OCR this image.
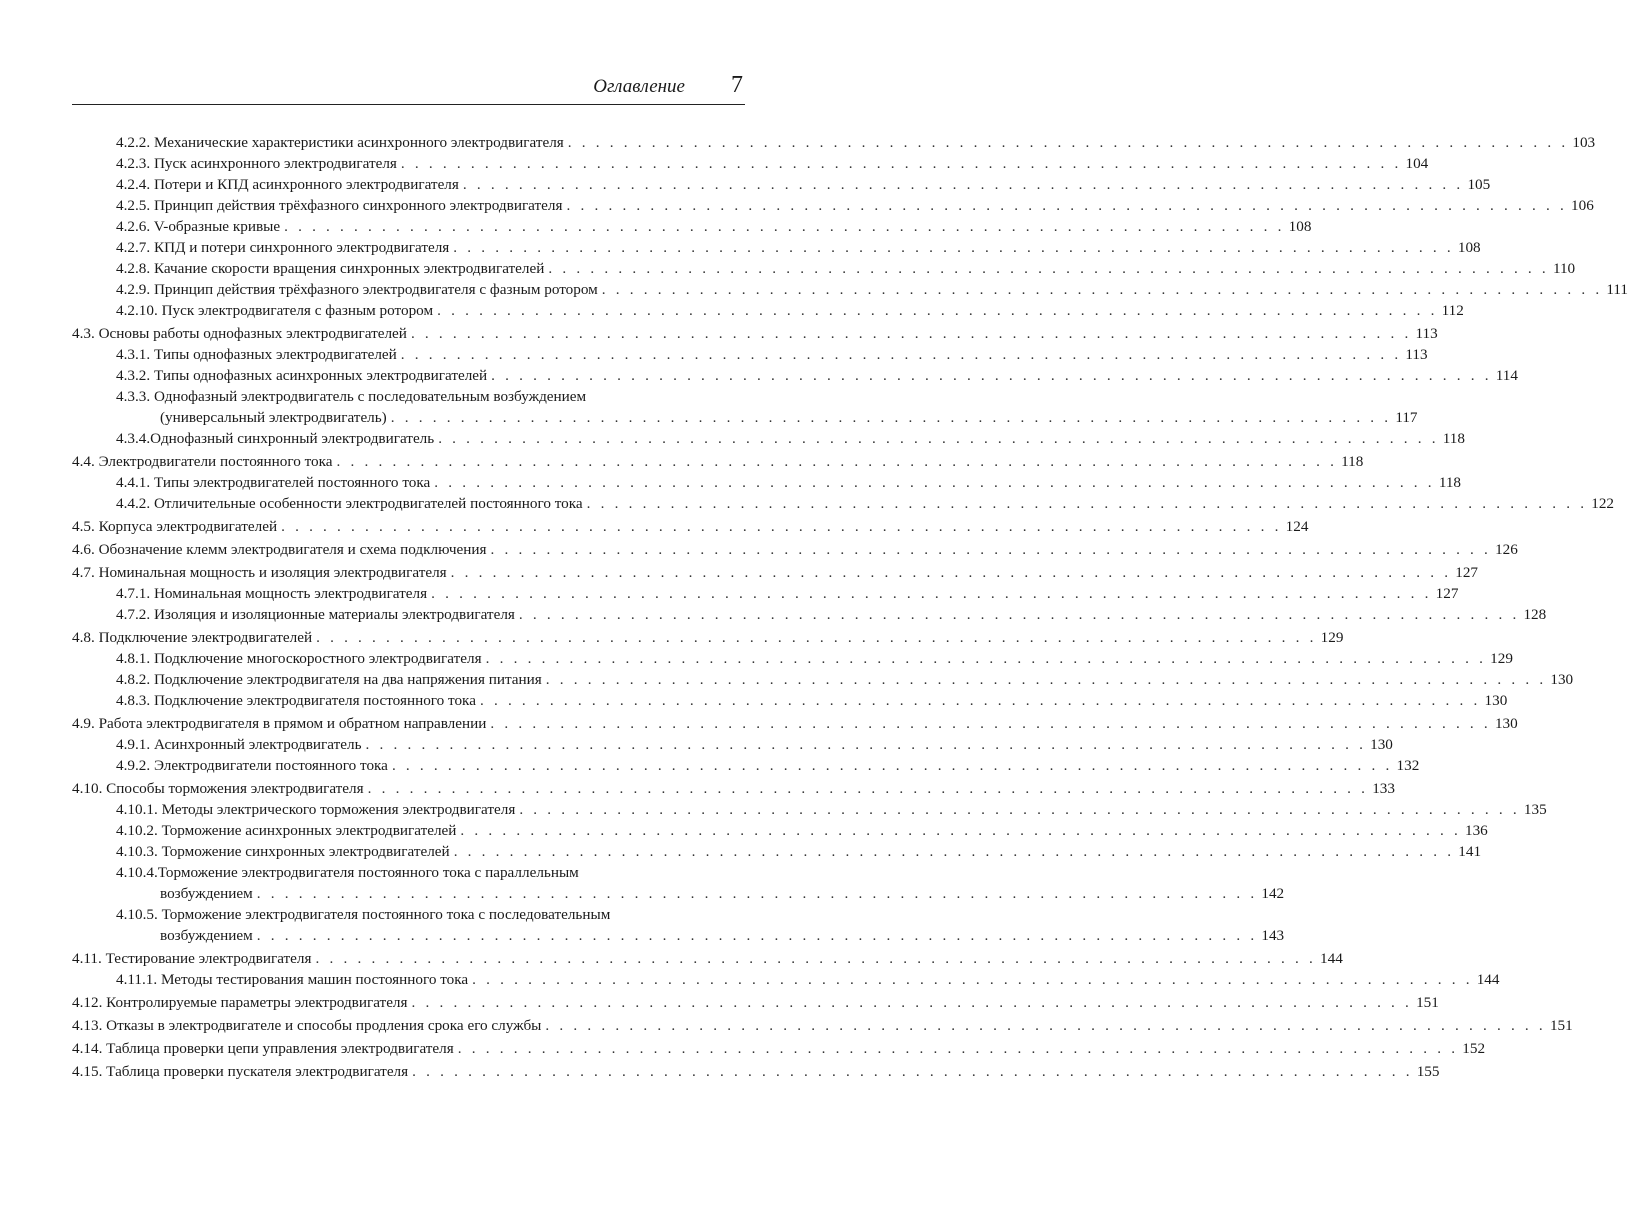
Оглавление 7
4.2.2. Механические характеристики асинхронного электродвигателя . . . . . . . . . . . . . . . . . . . . . . . . . . . . . . . . . . . . . . . . . . . . . . . . . . . . . . . . . . . . . . . . . . . . . . . . 103
4.2.3. Пуск асинхронного электродвигателя . . . . . . . . . . . . . . . . . . . . . . . . . . . . . . . . . . . . . . . . . . . . . . . . . . . . . . . . . . . . . . . . . . . . . . . . 104
4.2.4. Потери и КПД асинхронного электродвигателя . . . . . . . . . . . . . . . . . . . . . . . . . . . . . . . . . . . . . . . . . . . . . . . . . . . . . . . . . . . . . . . . . . . . . . . . 105
4.2.5. Принцип действия трёхфазного синхронного электродвигателя . . . . . . . . . . . . . . . . . . . . . . . . . . . . . . . . . . . . . . . . . . . . . . . . . . . . . . . . . . . . . . . . . . . . . . . . 106
4.2.6. V-образные кривые . . . . . . . . . . . . . . . . . . . . . . . . . . . . . . . . . . . . . . . . . . . . . . . . . . . . . . . . . . . . . . . . . . . . . . . . 108
4.2.7. КПД и потери синхронного электродвигателя . . . . . . . . . . . . . . . . . . . . . . . . . . . . . . . . . . . . . . . . . . . . . . . . . . . . . . . . . . . . . . . . . . . . . . . . 108
4.2.8. Качание скорости вращения синхронных электродвигателей . . . . . . . . . . . . . . . . . . . . . . . . . . . . . . . . . . . . . . . . . . . . . . . . . . . . . . . . . . . . . . . . . . . . . . . . 110
4.2.9. Принцип действия трёхфазного электродвигателя с фазным ротором . . . . . . . . . . . . . . . . . . . . . . . . . . . . . . . . . . . . . . . . . . . . . . . . . . . . . . . . . . . . . . . . . . . . . . . . 111
4.2.10. Пуск электродвигателя с фазным ротором . . . . . . . . . . . . . . . . . . . . . . . . . . . . . . . . . . . . . . . . . . . . . . . . . . . . . . . . . . . . . . . . . . . . . . . . 112
4.3. Основы работы однофазных электродвигателей . . . . . . . . . . . . . . . . . . . . . . . . . . . . . . . . . . . . . . . . . . . . . . . . . . . . . . . . . . . . . . . . . . . . . . . . 113
4.3.1. Типы однофазных электродвигателей . . . . . . . . . . . . . . . . . . . . . . . . . . . . . . . . . . . . . . . . . . . . . . . . . . . . . . . . . . . . . . . . . . . . . . . . 113
4.3.2. Типы однофазных асинхронных электродвигателей . . . . . . . . . . . . . . . . . . . . . . . . . . . . . . . . . . . . . . . . . . . . . . . . . . . . . . . . . . . . . . . . . . . . . . . . 114
4.3.3. Однофазный электродвигатель с последовательным возбуждением
(универсальный электродвигатель) . . . . . . . . . . . . . . . . . . . . . . . . . . . . . . . . . . . . . . . . . . . . . . . . . . . . . . . . . . . . . . . . . . . . . . . . 117
4.3.4.Однофазный синхронный электродвигатель . . . . . . . . . . . . . . . . . . . . . . . . . . . . . . . . . . . . . . . . . . . . . . . . . . . . . . . . . . . . . . . . . . . . . . . . 118
4.4. Электродвигатели постоянного тока . . . . . . . . . . . . . . . . . . . . . . . . . . . . . . . . . . . . . . . . . . . . . . . . . . . . . . . . . . . . . . . . . . . . . . . . 118
4.4.1. Типы электродвигателей постоянного тока . . . . . . . . . . . . . . . . . . . . . . . . . . . . . . . . . . . . . . . . . . . . . . . . . . . . . . . . . . . . . . . . . . . . . . . . 118
4.4.2. Отличительные особенности электродвигателей постоянного тока . . . . . . . . . . . . . . . . . . . . . . . . . . . . . . . . . . . . . . . . . . . . . . . . . . . . . . . . . . . . . . . . . . . . . . . . 122
4.5. Корпуса электродвигателей . . . . . . . . . . . . . . . . . . . . . . . . . . . . . . . . . . . . . . . . . . . . . . . . . . . . . . . . . . . . . . . . . . . . . . . . 124
4.6. Обозначение клемм электродвигателя и схема подключения . . . . . . . . . . . . . . . . . . . . . . . . . . . . . . . . . . . . . . . . . . . . . . . . . . . . . . . . . . . . . . . . . . . . . . . . 126
4.7. Номинальная мощность и изоляция электродвигателя . . . . . . . . . . . . . . . . . . . . . . . . . . . . . . . . . . . . . . . . . . . . . . . . . . . . . . . . . . . . . . . . . . . . . . . . 127
4.7.1. Номинальная мощность электродвигателя . . . . . . . . . . . . . . . . . . . . . . . . . . . . . . . . . . . . . . . . . . . . . . . . . . . . . . . . . . . . . . . . . . . . . . . . 127
4.7.2. Изоляция и изоляционные материалы электродвигателя . . . . . . . . . . . . . . . . . . . . . . . . . . . . . . . . . . . . . . . . . . . . . . . . . . . . . . . . . . . . . . . . . . . . . . . . 128
4.8. Подключение электродвигателей . . . . . . . . . . . . . . . . . . . . . . . . . . . . . . . . . . . . . . . . . . . . . . . . . . . . . . . . . . . . . . . . . . . . . . . . 129
4.8.1. Подключение многоскоростного электродвигателя . . . . . . . . . . . . . . . . . . . . . . . . . . . . . . . . . . . . . . . . . . . . . . . . . . . . . . . . . . . . . . . . . . . . . . . . 129
4.8.2. Подключение электродвигателя на два напряжения питания . . . . . . . . . . . . . . . . . . . . . . . . . . . . . . . . . . . . . . . . . . . . . . . . . . . . . . . . . . . . . . . . . . . . . . . . 130
4.8.3. Подключение электродвигателя постоянного тока . . . . . . . . . . . . . . . . . . . . . . . . . . . . . . . . . . . . . . . . . . . . . . . . . . . . . . . . . . . . . . . . . . . . . . . . 130
4.9. Работа электродвигателя в прямом и обратном направлении . . . . . . . . . . . . . . . . . . . . . . . . . . . . . . . . . . . . . . . . . . . . . . . . . . . . . . . . . . . . . . . . . . . . . . . . 130
4.9.1. Асинхронный электродвигатель . . . . . . . . . . . . . . . . . . . . . . . . . . . . . . . . . . . . . . . . . . . . . . . . . . . . . . . . . . . . . . . . . . . . . . . . 130
4.9.2. Электродвигатели постоянного тока . . . . . . . . . . . . . . . . . . . . . . . . . . . . . . . . . . . . . . . . . . . . . . . . . . . . . . . . . . . . . . . . . . . . . . . . 132
4.10. Способы торможения электродвигателя . . . . . . . . . . . . . . . . . . . . . . . . . . . . . . . . . . . . . . . . . . . . . . . . . . . . . . . . . . . . . . . . . . . . . . . . 133
4.10.1. Методы электрического торможения электродвигателя . . . . . . . . . . . . . . . . . . . . . . . . . . . . . . . . . . . . . . . . . . . . . . . . . . . . . . . . . . . . . . . . . . . . . . . . 135
4.10.2. Торможение асинхронных электродвигателей . . . . . . . . . . . . . . . . . . . . . . . . . . . . . . . . . . . . . . . . . . . . . . . . . . . . . . . . . . . . . . . . . . . . . . . . 136
4.10.3. Торможение синхронных электродвигателей . . . . . . . . . . . . . . . . . . . . . . . . . . . . . . . . . . . . . . . . . . . . . . . . . . . . . . . . . . . . . . . . . . . . . . . . 141
4.10.4.Торможение электродвигателя постоянного тока с параллельным
возбуждением . . . . . . . . . . . . . . . . . . . . . . . . . . . . . . . . . . . . . . . . . . . . . . . . . . . . . . . . . . . . . . . . . . . . . . . . 142
4.10.5. Торможение электродвигателя постоянного тока с последовательным
возбуждением . . . . . . . . . . . . . . . . . . . . . . . . . . . . . . . . . . . . . . . . . . . . . . . . . . . . . . . . . . . . . . . . . . . . . . . . 143
4.11. Тестирование электродвигателя . . . . . . . . . . . . . . . . . . . . . . . . . . . . . . . . . . . . . . . . . . . . . . . . . . . . . . . . . . . . . . . . . . . . . . . . 144
4.11.1. Методы тестирования машин постоянного тока . . . . . . . . . . . . . . . . . . . . . . . . . . . . . . . . . . . . . . . . . . . . . . . . . . . . . . . . . . . . . . . . . . . . . . . . 144
4.12. Контролируемые параметры электродвигателя . . . . . . . . . . . . . . . . . . . . . . . . . . . . . . . . . . . . . . . . . . . . . . . . . . . . . . . . . . . . . . . . . . . . . . . . 151
4.13. Отказы в электродвигателе и способы продления срока его службы . . . . . . . . . . . . . . . . . . . . . . . . . . . . . . . . . . . . . . . . . . . . . . . . . . . . . . . . . . . . . . . . . . . . . . . . 151
4.14. Таблица проверки цепи управления электродвигателя . . . . . . . . . . . . . . . . . . . . . . . . . . . . . . . . . . . . . . . . . . . . . . . . . . . . . . . . . . . . . . . . . . . . . . . . 152
4.15. Таблица проверки пускателя электродвигателя . . . . . . . . . . . . . . . . . . . . . . . . . . . . . . . . . . . . . . . . . . . . . . . . . . . . . . . . . . . . . . . . . . . . . . . . 155
